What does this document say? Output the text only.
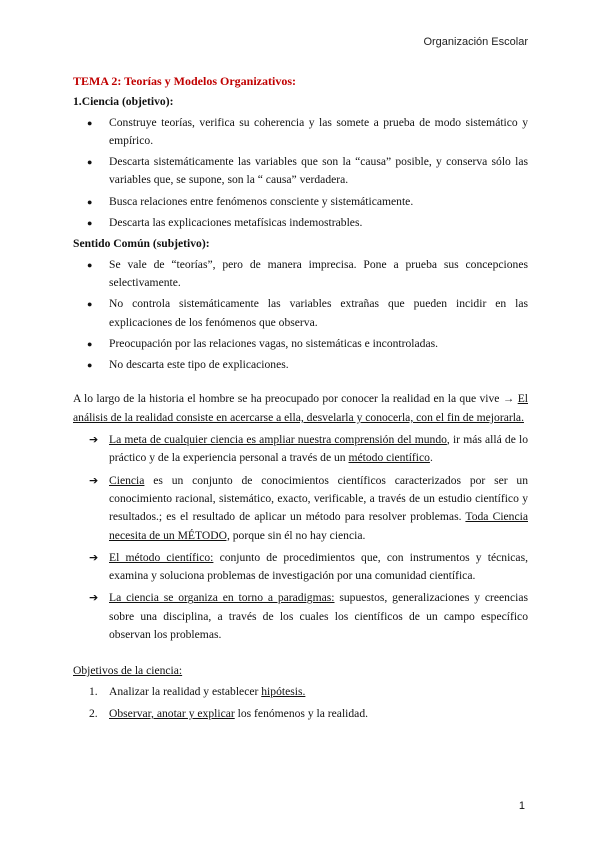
Organización Escolar
TEMA 2: Teorías y Modelos Organizativos:
1.Ciencia (objetivo):
● Construye teorías, verifica su coherencia y las somete a prueba de modo sistemático y empírico.
● Descarta sistemáticamente las variables que son la “causa” posible, y conserva sólo las variables que, se supone, son la “ causa” verdadera.
● Busca relaciones entre fenómenos consciente y sistemáticamente.
● Descarta las explicaciones metafísicas indemostrables.
Sentido Común (subjetivo):
● Se vale de “teorías”, pero de manera imprecisa. Pone a prueba sus concepciones selectivamente.
● No controla sistemáticamente las variables extrañas que pueden incidir en las explicaciones de los fenómenos que observa.
● Preocupación por las relaciones vagas, no sistemáticas e incontroladas.
● No descarta este tipo de explicaciones.
A lo largo de la historia el hombre se ha preocupado por conocer la realidad en la que vive → El análisis de la realidad consiste en acercarse a ella, desvelarla y conocerla, con el fin de mejorarla.
➔ La meta de cualquier ciencia es ampliar nuestra comprensión del mundo, ir más allá de lo práctico y de la experiencia personal a través de un método científico.
➔ Ciencia es un conjunto de conocimientos científicos caracterizados por ser un conocimiento racional, sistemático, exacto, verificable, a través de un estudio científico y resultados.; es el resultado de aplicar un método para resolver problemas. Toda Ciencia necesita de un MÉTODO, porque sin él no hay ciencia.
➔ El método científico: conjunto de procedimientos que, con instrumentos y técnicas, examina y soluciona problemas de investigación por una comunidad científica.
➔ La ciencia se organiza en torno a paradigmas: supuestos, generalizaciones y creencias sobre una disciplina, a través de los cuales los científicos de un campo específico observan los problemas.
Objetivos de la ciencia:
1. Analizar la realidad y establecer hipótesis.
2. Observar, anotar y explicar los fenómenos y la realidad.
1
